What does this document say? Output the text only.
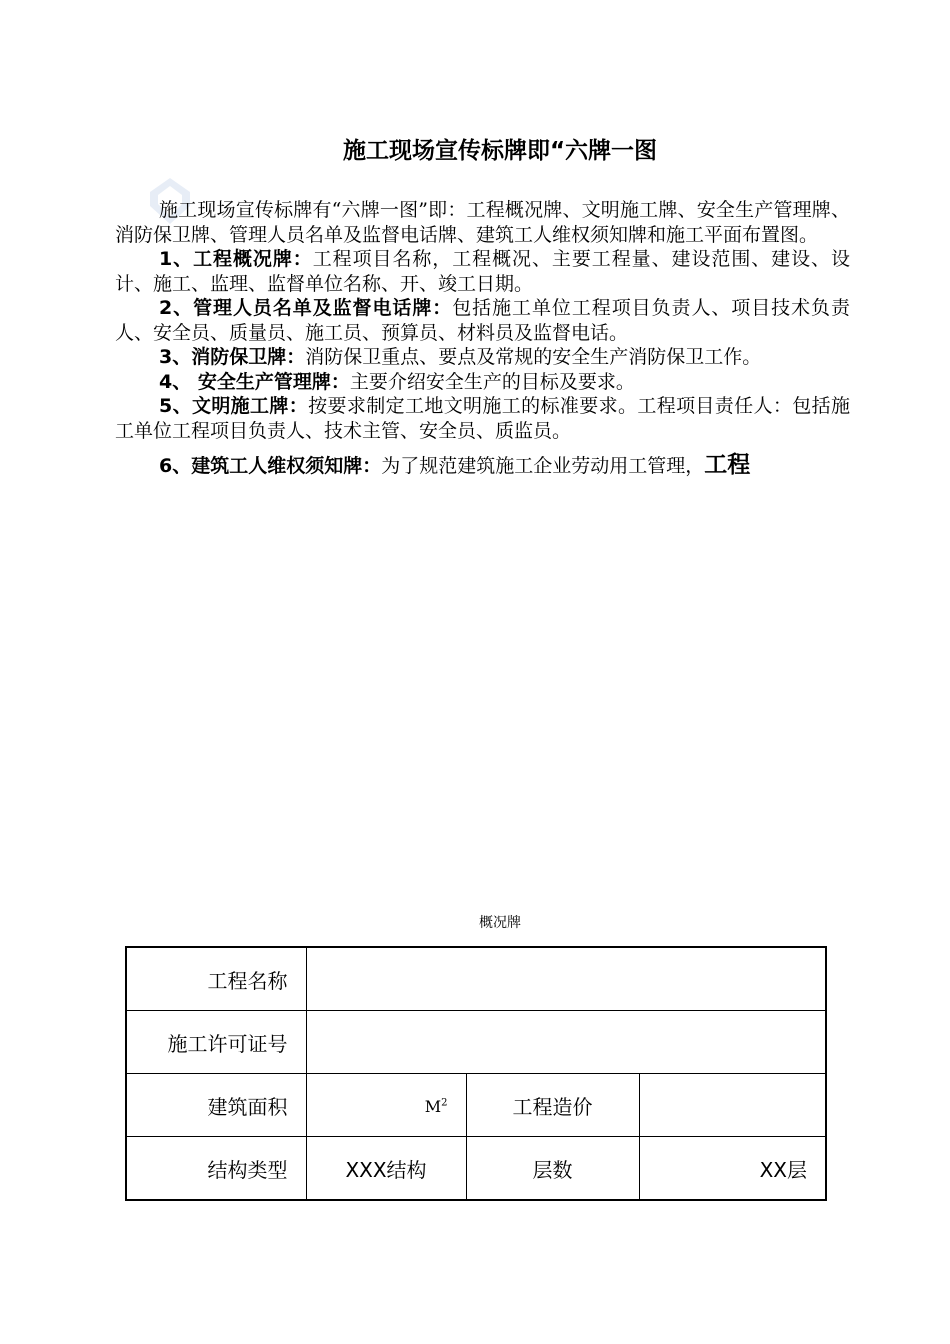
施工现场宣传标牌即“六牌一图

施工现场宣传标牌有“六牌一图”即：工程概况牌、文明施工牌、安全生产管理牌、消防保卫牌、管理人员名单及监督电话牌、建筑工人维权须知牌和施工平面布置图。

1、工程概况牌：工程项目名称，工程概况、主要工程量、建设范围、建设、设计、施工、监理、监督单位名称、开、竣工日期。

2、管理人员名单及监督电话牌：包括施工单位工程项目负责人、项目技术负责人、安全员、质量员、施工员、预算员、材料员及监督电话。

3、消防保卫牌：消防保卫重点、要点及常规的安全生产消防保卫工作。

4、 安全生产管理牌：主要介绍安全生产的目标及要求。

5、文明施工牌：按要求制定工地文明施工的标准要求。工程项目责任人：包括施工单位工程项目负责人、技术主管、安全员、质监员。

6、建筑工人维权须知牌：为了规范建筑施工企业劳动用工管理，工程

概况牌
工程名称			
施工许可证号			
建筑面积	$M^2$	工程造价	
结构类型	XXX结构	层数	XX层
